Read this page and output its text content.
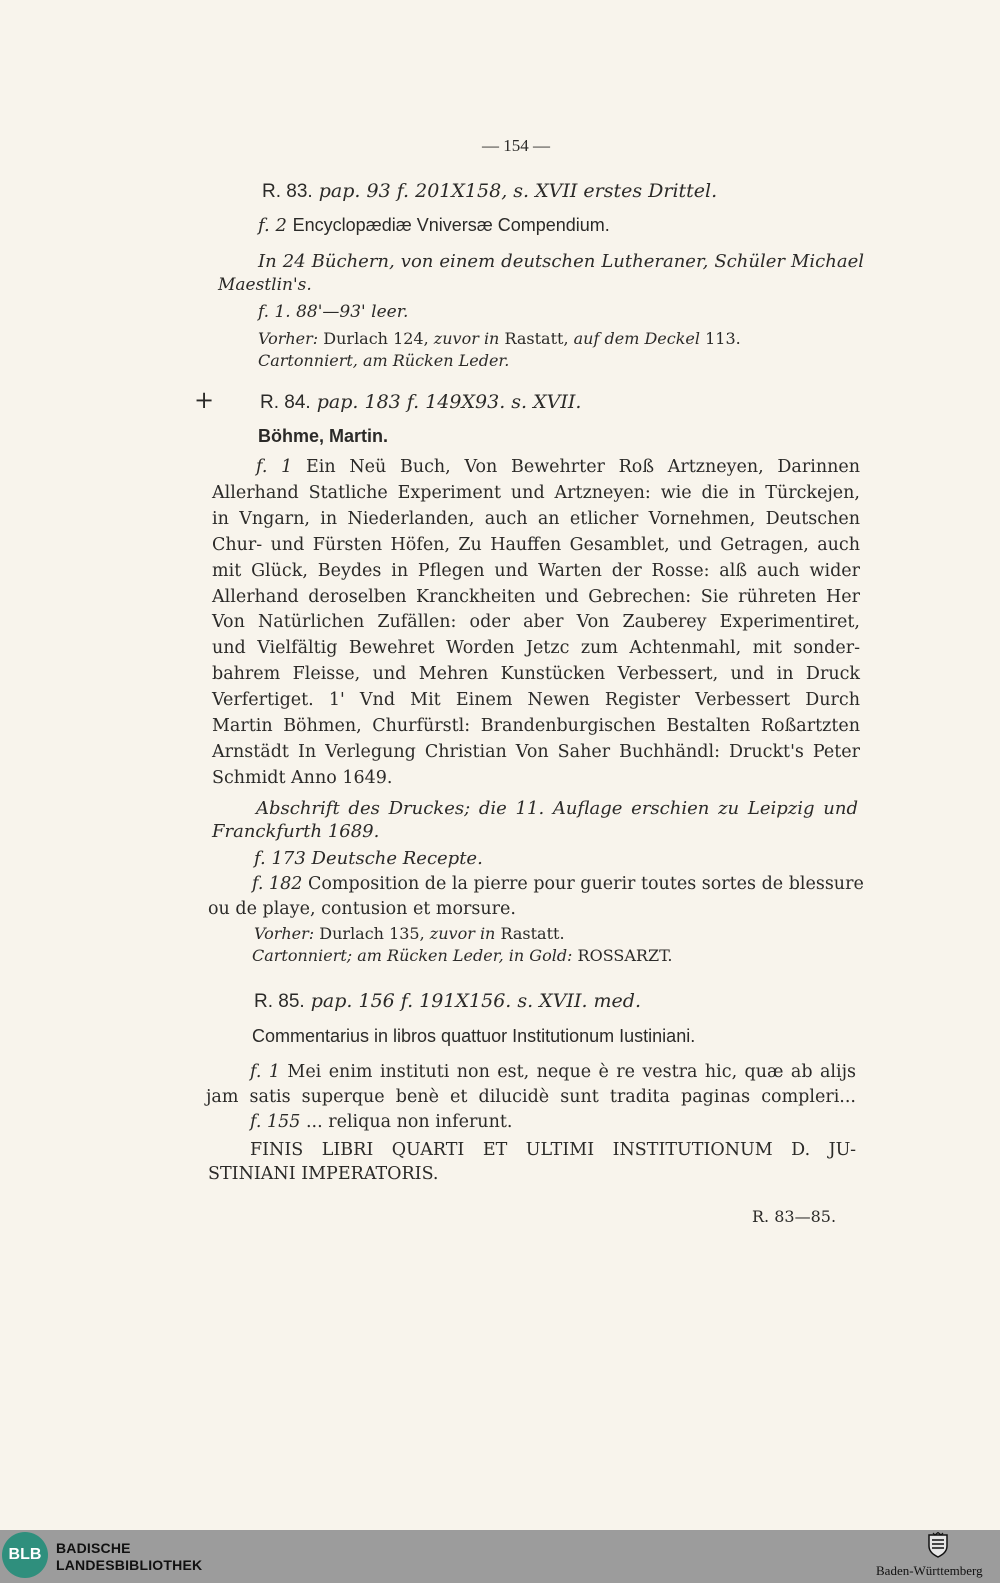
— 154 —
R. 83. pap. 93 f. 201X158, s. XVII erstes Drittel.
f. 2 Encyclopædiæ Vniversæ Compendium.
In 24 Büchern, von einem deutschen Lutheraner, Schüler Michael
Maestlin's.
f. 1. 88'—93' leer.
Vorher: Durlach 124, zuvor in Rastatt, auf dem Deckel 113.
Cartonniert, am Rücken Leder.
+ R. 84. pap. 183 f. 149X93. s. XVII.
Böhme, Martin.
f. 1 Ein Neü Buch, Von Bewehrter Roß Artzneyen, Darinnen
Allerhand Statliche Experiment und Artzneyen: wie die in Türckejen,
in Vngarn, in Niederlanden, auch an etlicher Vornehmen, Deutschen
Chur- und Fürsten Höfen, Zu Hauffen Gesamblet, und Getragen, auch
mit Glück, Beydes in Pflegen und Warten der Rosse: alß auch wider
Allerhand deroselben Kranckheiten und Gebrechen: Sie rühreten Her
Von Natürlichen Zufällen: oder aber Von Zauberey Experimentiret,
und Vielfältig Bewehret Worden Jetzc zum Achtenmahl, mit sonder-
bahrem Fleisse, und Mehren Kunstücken Verbessert, und in Druck
Verfertiget. 1' Vnd Mit Einem Newen Register Verbessert Durch
Martin Böhmen, Churfürstl: Brandenburgischen Bestalten Roßartzten
Arnstädt In Verlegung Christian Von Saher Buchhändl: Druckt's Peter
Schmidt Anno 1649.
Abschrift des Druckes; die 11. Auflage erschien zu Leipzig und
Franckfurth 1689.
f. 173 Deutsche Recepte.
f. 182 Composition de la pierre pour guerir toutes sortes de blessure
ou de playe, contusion et morsure.
Vorher: Durlach 135, zuvor in Rastatt.
Cartonniert; am Rücken Leder, in Gold: ROSSARZT.
R. 85. pap. 156 f. 191X156. s. XVII. med.
Commentarius in libros quattuor Institutionum Iustiniani.
f. 1 Mei enim instituti non est, neque è re vestra hic, quæ ab alijs
jam satis superque benè et dilucidè sunt tradita paginas compleri...
f. 155 ... reliqua non inferunt.
FINIS LIBRI QUARTI ET ULTIMI INSTITUTIONUM D. JU-
STINIANI IMPERATORIS.
R. 83—85.
BLB	BADISCHE
LANDESBIBLIOTHEK	Baden-Württemberg
